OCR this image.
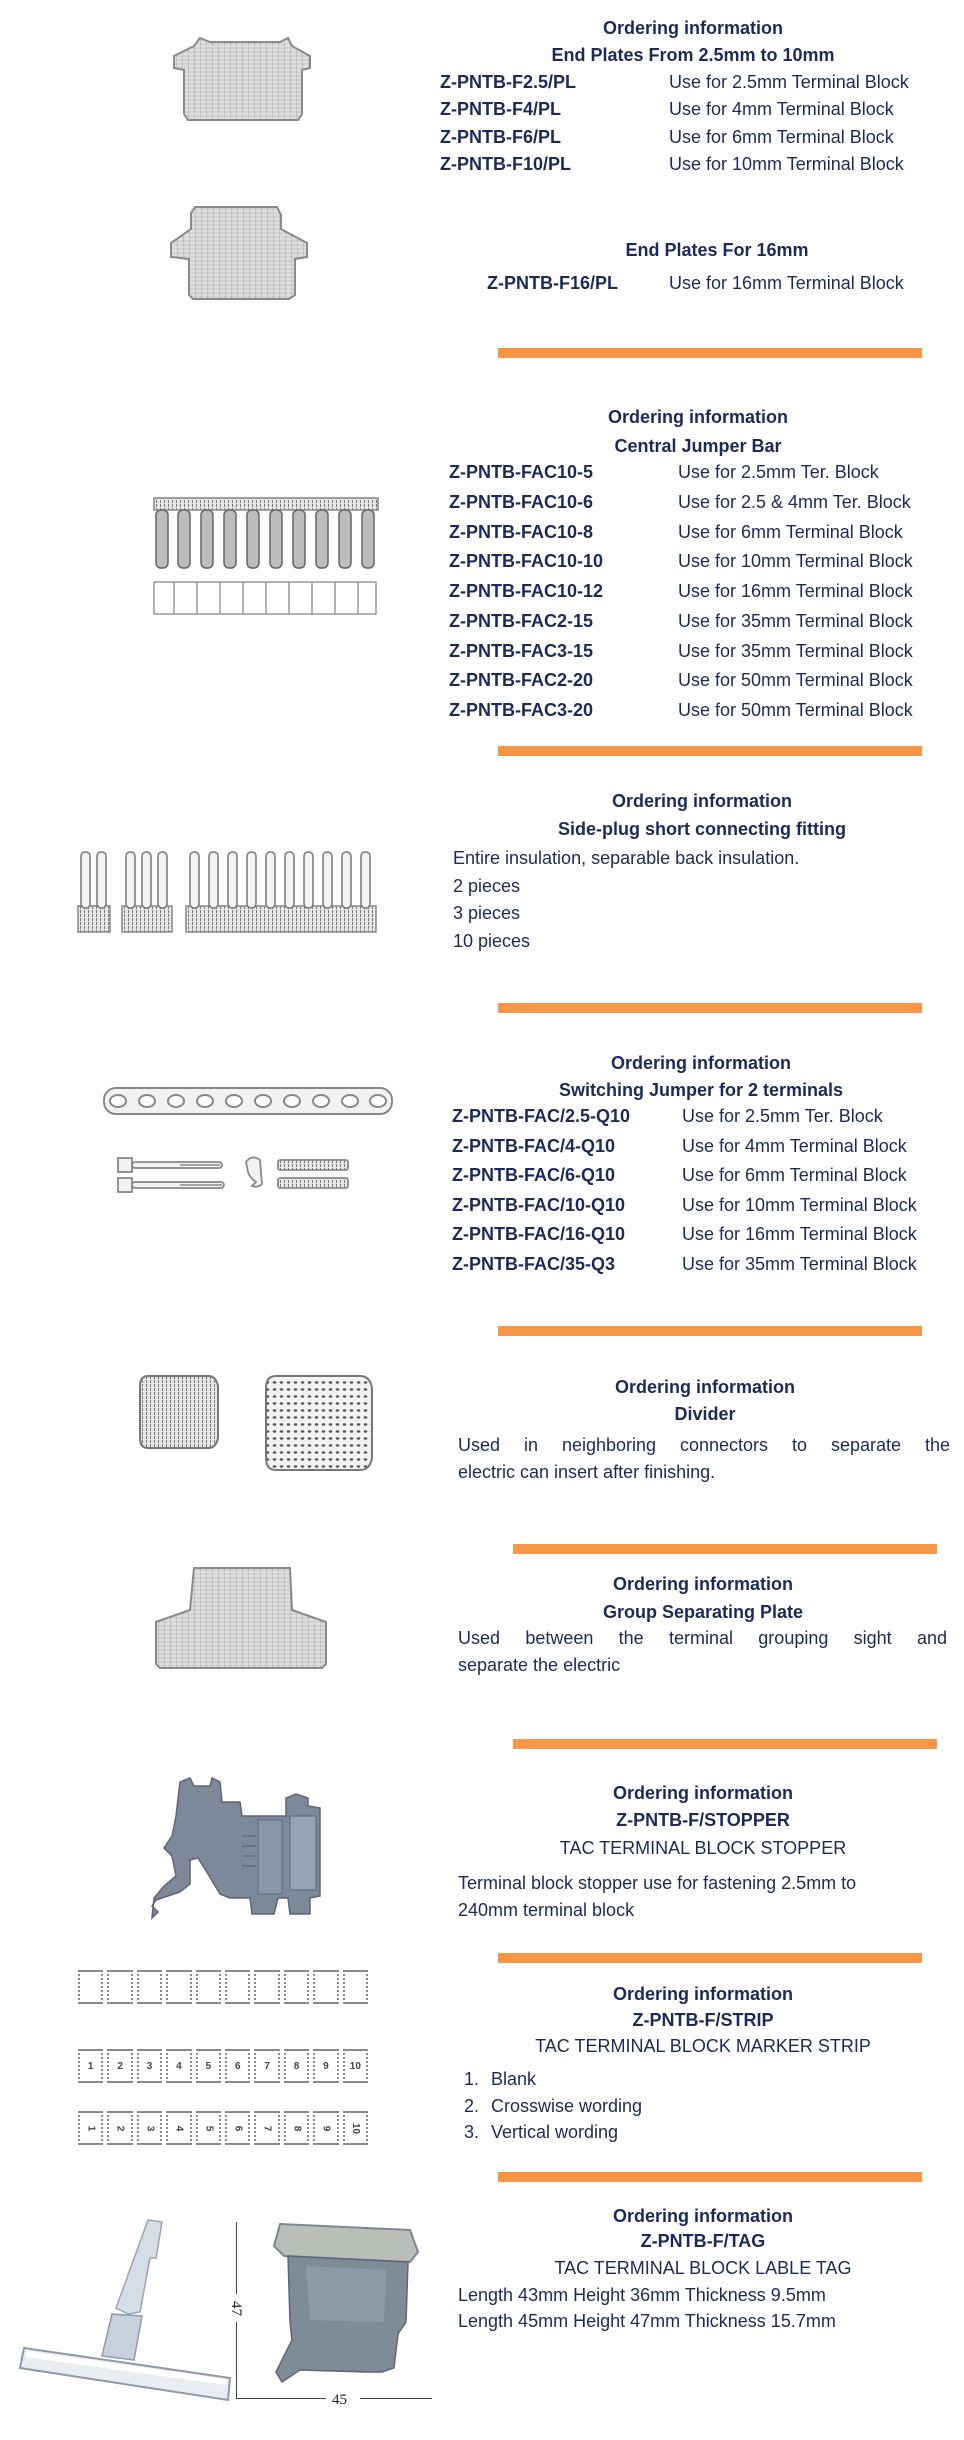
Ordering information
End Plates From 2.5mm to 10mm
Z-PNTB-F2.5/PL	Use for 2.5mm Terminal Block
Z-PNTB-F4/PL	Use for 4mm Terminal Block
Z-PNTB-F6/PL	Use for 6mm Terminal Block
Z-PNTB-F10/PL	Use for 10mm Terminal Block
End Plates For 16mm
Z-PNTB-F16/PL	Use for 16mm Terminal Block
Ordering information
Central Jumper Bar
Z-PNTB-FAC10-5	Use for 2.5mm Ter. Block
Z-PNTB-FAC10-6	Use for 2.5 & 4mm Ter. Block
Z-PNTB-FAC10-8	Use for 6mm Terminal Block
Z-PNTB-FAC10-10	Use for 10mm Terminal Block
Z-PNTB-FAC10-12	Use for 16mm Terminal Block
Z-PNTB-FAC2-15	Use for 35mm Terminal Block
Z-PNTB-FAC3-15	Use for 35mm Terminal Block
Z-PNTB-FAC2-20	Use for 50mm Terminal Block
Z-PNTB-FAC3-20	Use for 50mm Terminal Block
Ordering information
Side-plug short connecting fitting
Entire insulation, separable back insulation.
2 pieces
3 pieces
10 pieces
Ordering information
Switching Jumper for 2 terminals
Z-PNTB-FAC/2.5-Q10	Use for 2.5mm Ter. Block
Z-PNTB-FAC/4-Q10	Use for 4mm Terminal Block
Z-PNTB-FAC/6-Q10	Use for 6mm Terminal Block
Z-PNTB-FAC/10-Q10	Use for 10mm Terminal Block
Z-PNTB-FAC/16-Q10	Use for 16mm Terminal Block
Z-PNTB-FAC/35-Q3	Use for 35mm Terminal Block
Ordering information
Divider
Used in neighboring connectors to separate the
electric can insert after finishing.
Ordering information
Group Separating Plate
Used between the terminal grouping sight and
separate the electric
Ordering information
Z-PNTB-F/STOPPER
TAC TERMINAL BLOCK STOPPER
Terminal block stopper use for fastening 2.5mm to
240mm terminal block
1 2 3 4 5 6 7 8 9 10
1 2 3 4 5 6 7 8 9 10
Ordering information
Z-PNTB-F/STRIP
TAC TERMINAL BLOCK MARKER STRIP
1. Blank
2. Crosswise wording
3. Vertical wording
47
45
Ordering information
Z-PNTB-F/TAG
TAC TERMINAL BLOCK LABLE TAG
Length 43mm Height 36mm Thickness 9.5mm
Length 45mm Height 47mm Thickness 15.7mm
